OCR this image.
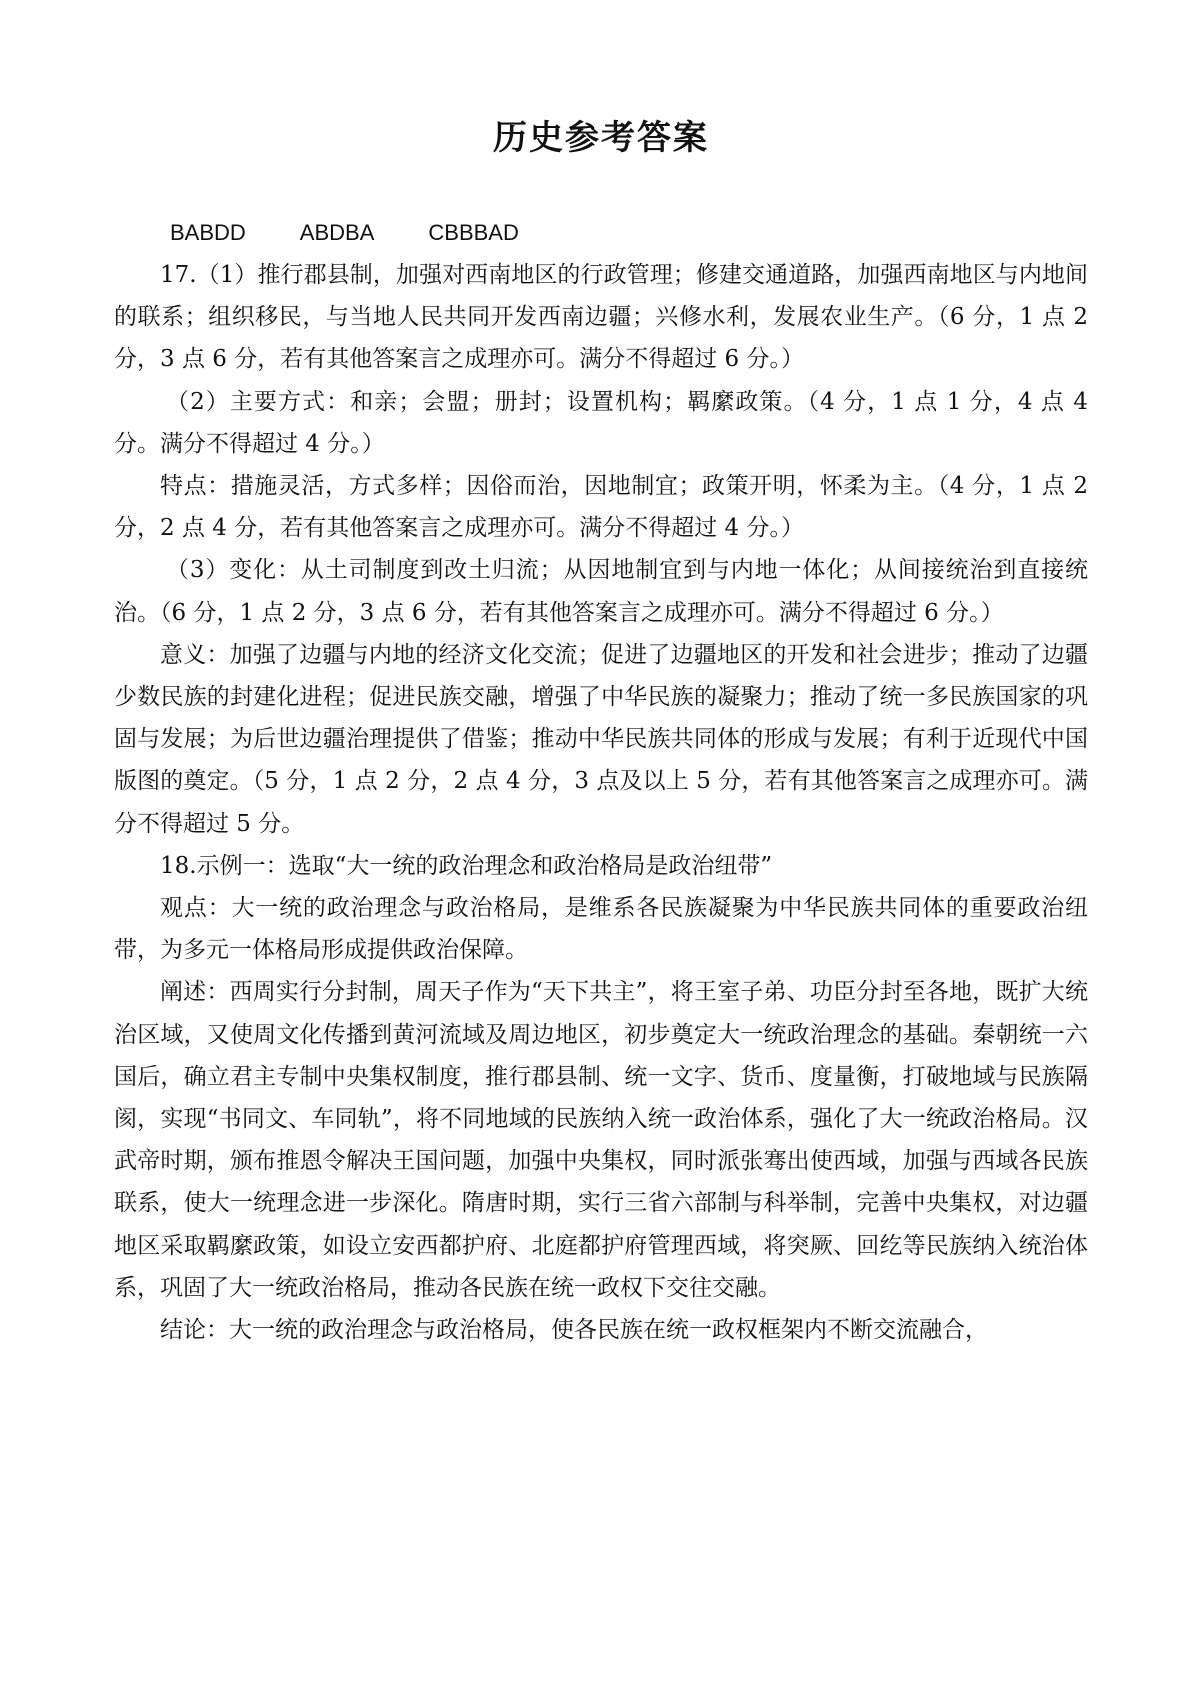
历史参考答案

BABDD ABDBA CBBBAD

17.（1）推行郡县制，加强对西南地区的行政管理；修建交通道路，加强西南地区与内地间的联系；组织移民，与当地人民共同开发西南边疆；兴修水利，发展农业生产。（6 分，1 点 2 分，3 点 6 分，若有其他答案言之成理亦可。满分不得超过 6 分。）

（2）主要方式：和亲；会盟；册封；设置机构；羁縻政策。（4 分，1 点 1 分，4 点 4 分。满分不得超过 4 分。）

特点：措施灵活，方式多样；因俗而治，因地制宜；政策开明，怀柔为主。（4 分，1 点 2 分，2 点 4 分，若有其他答案言之成理亦可。满分不得超过 4 分。）

（3）变化：从土司制度到改土归流；从因地制宜到与内地一体化；从间接统治到直接统治。（6 分，1 点 2 分，3 点 6 分，若有其他答案言之成理亦可。满分不得超过 6 分。）

意义：加强了边疆与内地的经济文化交流；促进了边疆地区的开发和社会进步；推动了边疆少数民族的封建化进程；促进民族交融，增强了中华民族的凝聚力；推动了统一多民族国家的巩固与发展；为后世边疆治理提供了借鉴；推动中华民族共同体的形成与发展；有利于近现代中国版图的奠定。（5 分，1 点 2 分，2 点 4 分，3 点及以上 5 分，若有其他答案言之成理亦可。满分不得超过 5 分。

18.示例一：选取“大一统的政治理念和政治格局是政治纽带”

观点：大一统的政治理念与政治格局，是维系各民族凝聚为中华民族共同体的重要政治纽带，为多元一体格局形成提供政治保障。

阐述：西周实行分封制，周天子作为“天下共主”，将王室子弟、功臣分封至各地，既扩大统治区域，又使周文化传播到黄河流域及周边地区，初步奠定大一统政治理念的基础。秦朝统一六国后，确立君主专制中央集权制度，推行郡县制、统一文字、货币、度量衡，打破地域与民族隔阂，实现“书同文、车同轨”，将不同地域的民族纳入统一政治体系，强化了大一统政治格局。汉武帝时期，颁布推恩令解决王国问题，加强中央集权，同时派张骞出使西域，加强与西域各民族联系，使大一统理念进一步深化。隋唐时期，实行三省六部制与科举制，完善中央集权，对边疆地区采取羁縻政策，如设立安西都护府、北庭都护府管理西域，将突厥、回纥等民族纳入统治体系，巩固了大一统政治格局，推动各民族在统一政权下交往交融。

结论：大一统的政治理念与政治格局，使各民族在统一政权框架内不断交流融合，
